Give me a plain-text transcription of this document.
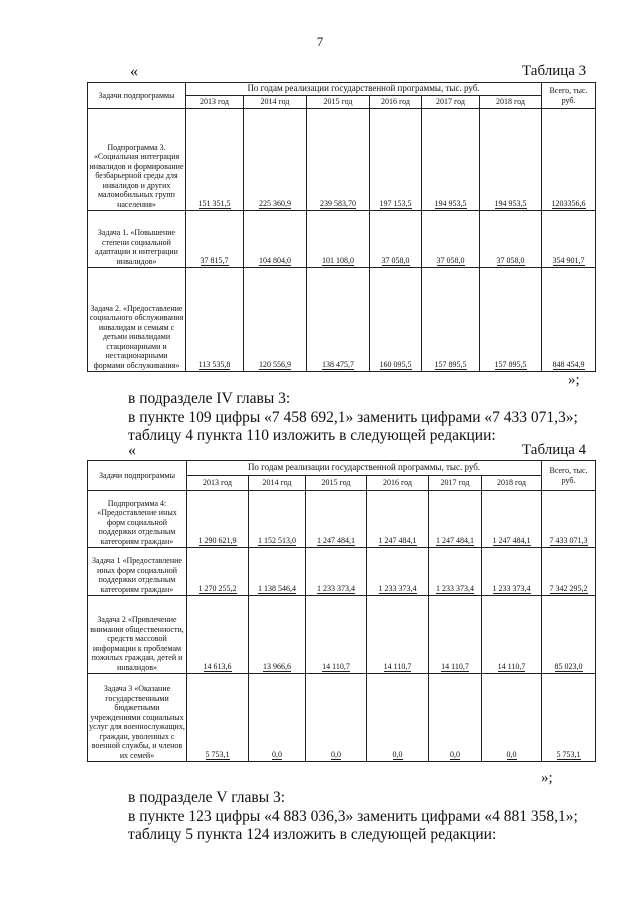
7
«	Таблица 3
Задачи подпрограммы	По годам реализации государственной программы, тыс. руб.						Всего, тыс. руб.
	2013 год	2014 год	2015 год	2016 год	2017 год	2018 год	
Подпрограмма 3. «Социальная интеграция инвалидов и формирование безбарьерной среды для инвалидов и других маломобильных групп населения»	151 351,5	225 360,9	239 583,70	197 153,5	194 953,5	194 953,5	1203356,6
Задача 1. «Повышение степени социальной адаптации и интеграции инвалидов»	37 815,7	104 804,0	101 108,0	37 058,0	37 058,0	37 058,0	354 901,7
Задача 2. «Предоставление социального обслуживания инвалидам и семьям с детьми инвалидами стационарными и нестационарными формами обслуживания»	113 535,8	120 556,9	138 475,7	160 095,5	157 895,5	157 895,5	848 454,9
»;
в подразделе IV главы 3:
в пункте 109 цифры «7 458 692,1» заменить цифрами «7 433 071,3»;
таблицу 4 пункта 110 изложить в следующей редакции:
«	Таблица 4
Задачи подпрограммы	По годам реализации государственной программы, тыс. руб.						Всего, тыс. руб.
	2013 год	2014 год	2015 год	2016 год	2017 год	2018 год	
Подпрограмма 4: «Предоставление иных форм социальной поддержки отдельным категориям граждан»	1 290 621,9	1 152 513,0	1 247 484,1	1 247 484,1	1 247 484,1	1 247 484,1	7 433 071,3
Задача 1 «Предоставление иных форм социальной поддержки отдельным категориям граждан»	1 270 255,2	1 138 546,4	1 233 373,4	1 233 373,4	1 233 373,4	1 233 373,4	7 342 295,2
Задача 2 «Привлечение внимания общественности, средств массовой информации к проблемам пожилых граждан, детей и инвалидов»	14 613,6	13 966,6	14 110,7	14 110,7	14 110,7	14 110,7	85 023,0
Задача 3 «Оказание государственными бюджетными учреждениями социальных услуг для военнослужащих, граждан, уволенных с военной службы, и членов их семей»	5 753,1	0,0	0,0	0,0	0,0	0,0	5 753,1
»;
в подразделе V главы 3:
в пункте 123 цифры «4 883 036,3» заменить цифрами «4 881 358,1»;
таблицу 5 пункта 124 изложить в следующей редакции:
